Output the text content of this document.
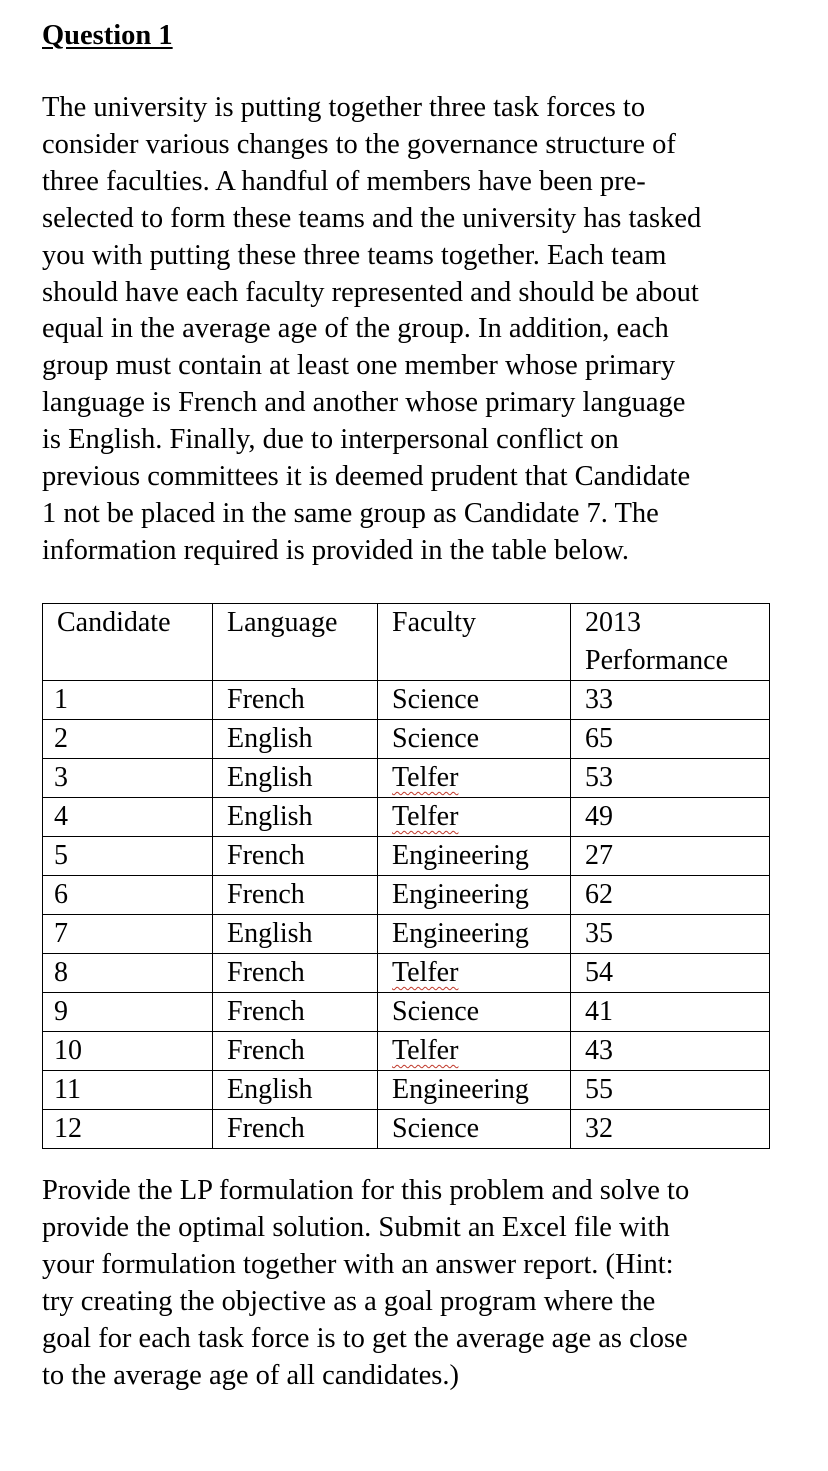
Question 1

The university is putting together three task forces to
consider various changes to the governance structure of
three faculties. A handful of members have been pre-
selected to form these teams and the university has tasked
you with putting these three teams together. Each team
should have each faculty represented and should be about
equal in the average age of the group. In addition, each
group must contain at least one member whose primary
language is French and another whose primary language
is English. Finally, due to interpersonal conflict on
previous committees it is deemed prudent that Candidate
1 not be placed in the same group as Candidate 7. The
information required is provided in the table below.

Candidate	Language	Faculty	2013
Performance

1	French	Science	33
2	English	Science	65
3	English	Telfer	53
4	English	Telfer	49
5	French	Engineering	27
6	French	Engineering	62
7	English	Engineering	35
8	French	Telfer	54
9	French	Science	41
10	French	Telfer	43
11	English	Engineering	55
12	French	Science	32

Provide the LP formulation for this problem and solve to
provide the optimal solution. Submit an Excel file with
your formulation together with an answer report. (Hint:
try creating the objective as a goal program where the
goal for each task force is to get the average age as close
to the average age of all candidates.)
